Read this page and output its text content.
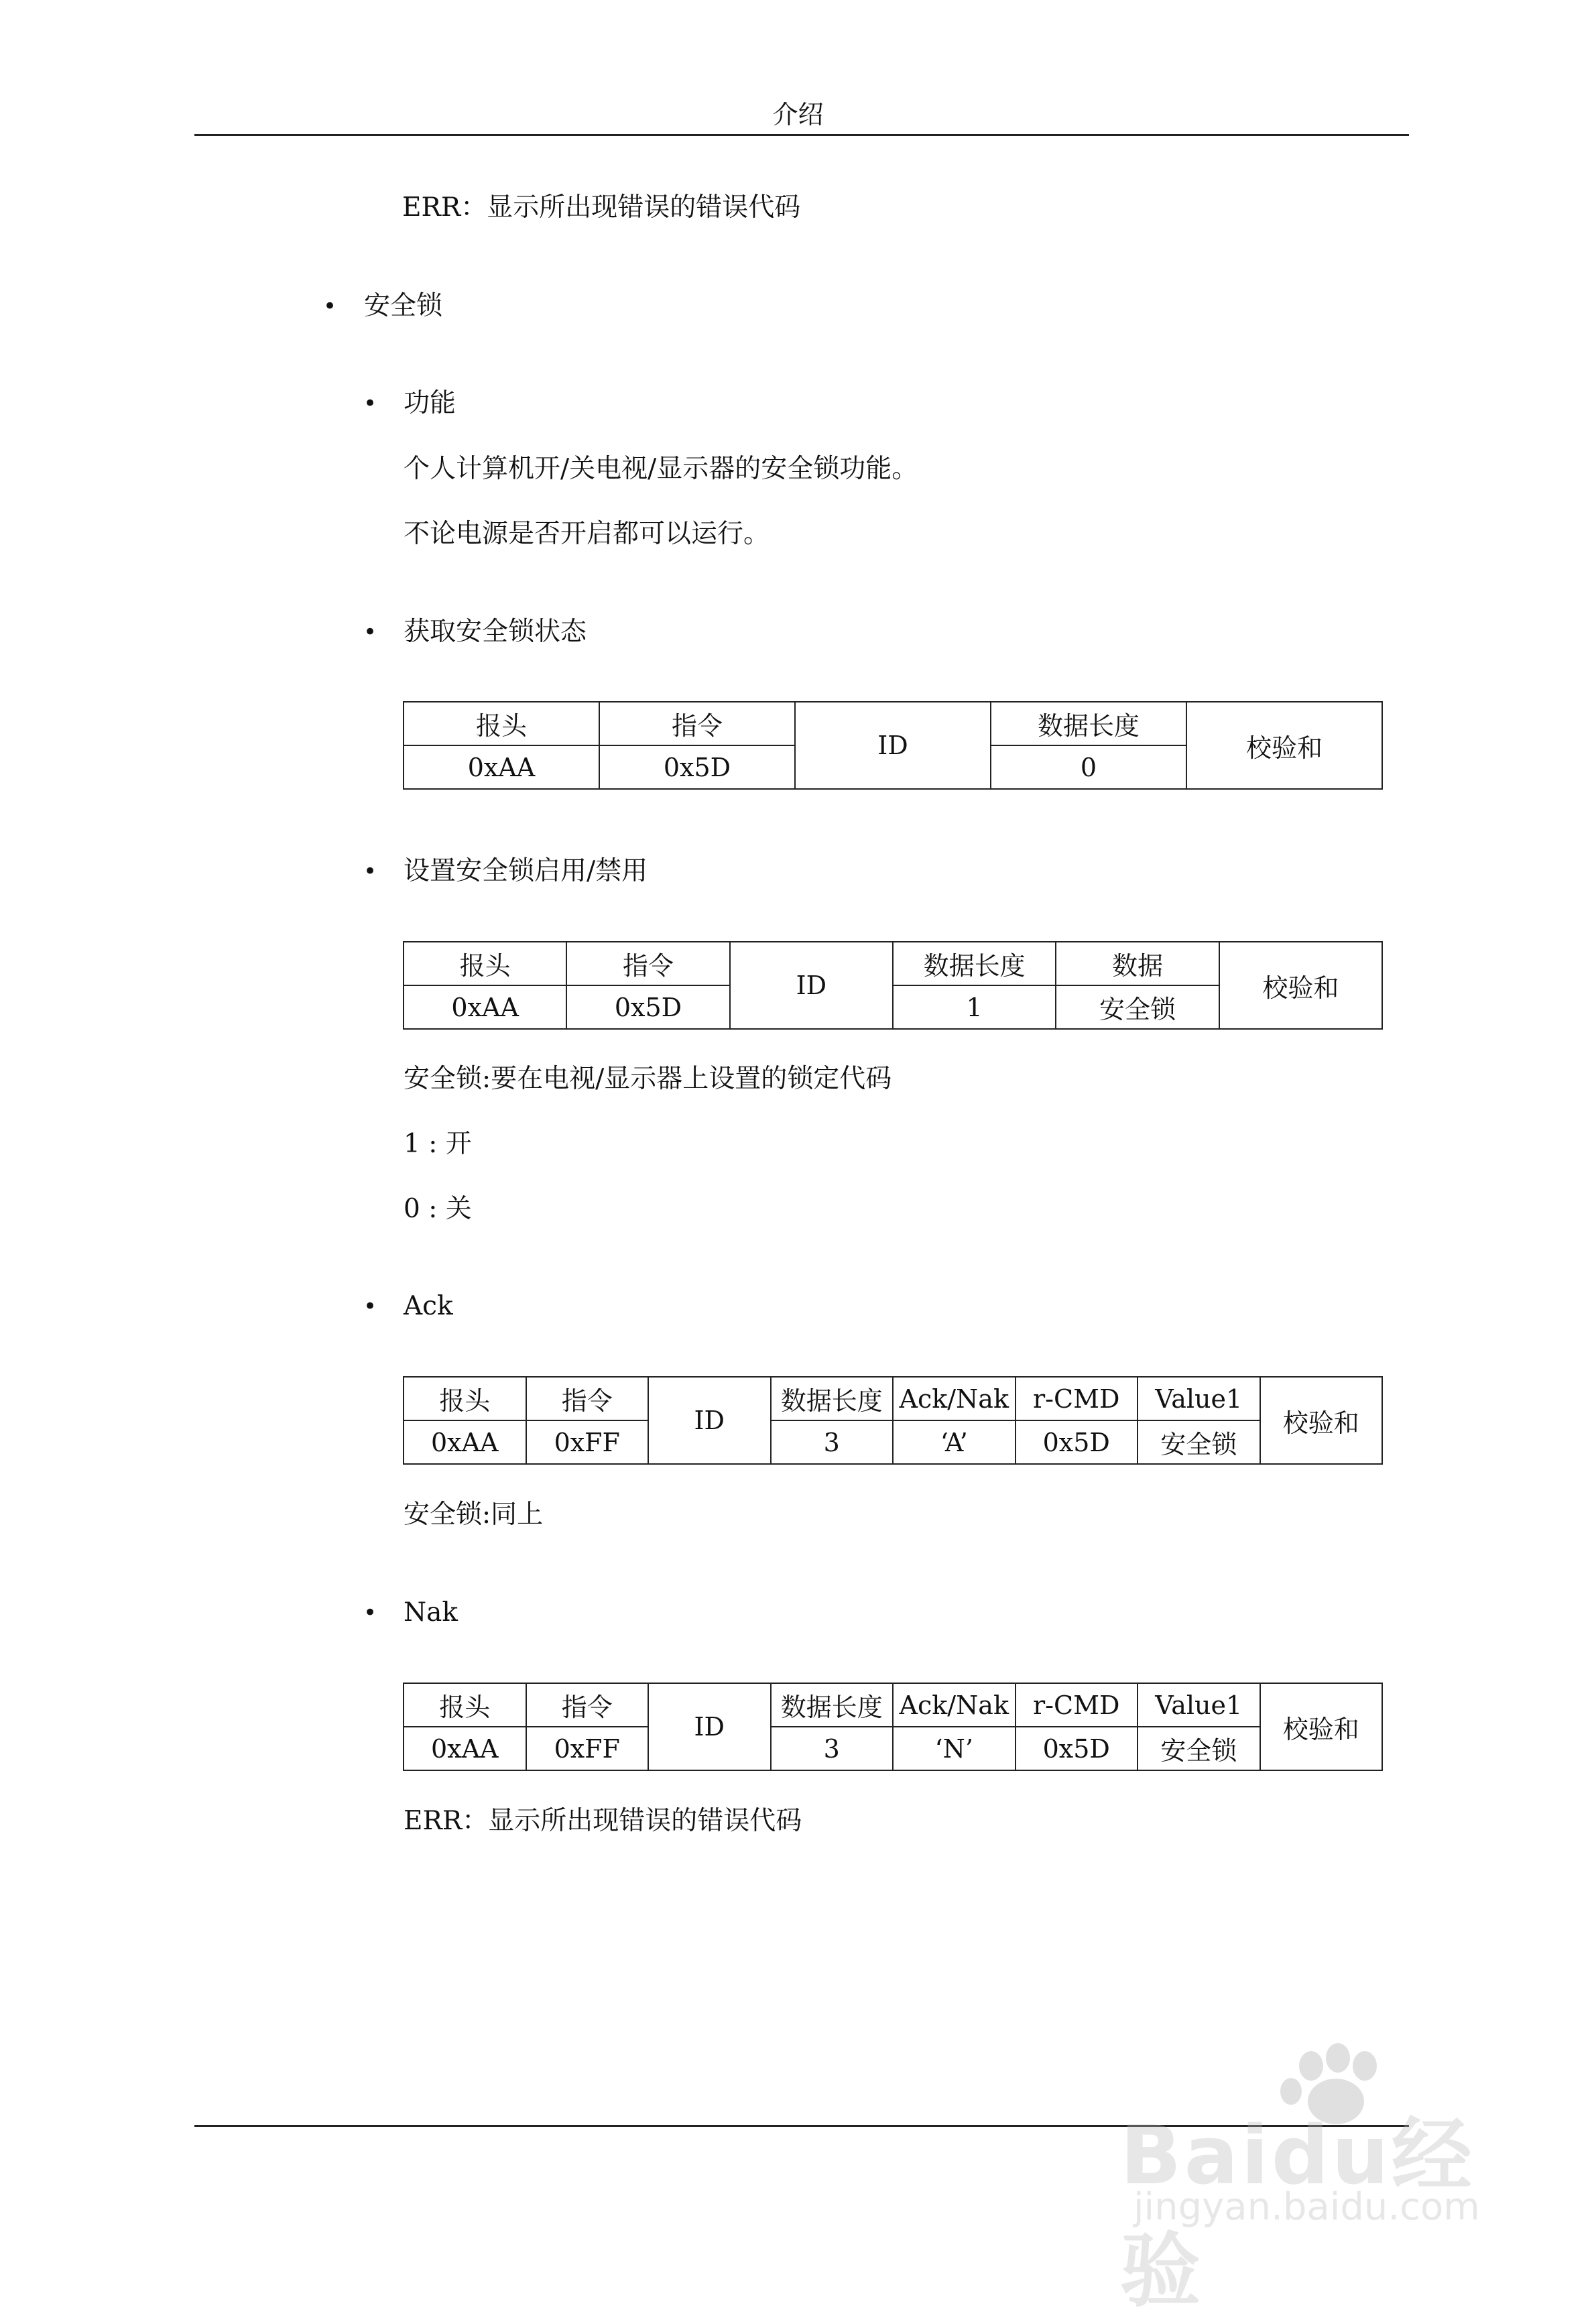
介绍
ERR：显示所出现错误的错误代码
• 安全锁
• 功能
个人计算机开/关电视/显示器的安全锁功能。
不论电源是否开启都可以运行。
• 获取安全锁状态
报头	指令	ID	数据长度	校验和
0xAA	0x5D		0	
• 设置安全锁启用/禁用
报头	指令	ID	数据长度	数据	校验和
0xAA	0x5D		1	安全锁	
安全锁:要在电视/显示器上设置的锁定代码
1 : 开
0 : 关
• Ack
报头	指令	ID	数据长度	Ack/Nak	r-CMD	Value1	校验和
0xAA	0xFF		3	‘A’	0x5D	安全锁	
安全锁:同上
• Nak
报头	指令	ID	数据长度	Ack/Nak	r-CMD	Value1	校验和
0xAA	0xFF		3	‘N’	0x5D	安全锁	
ERR：显示所出现错误的错误代码
Baidu经验
jingyan.baidu.com
